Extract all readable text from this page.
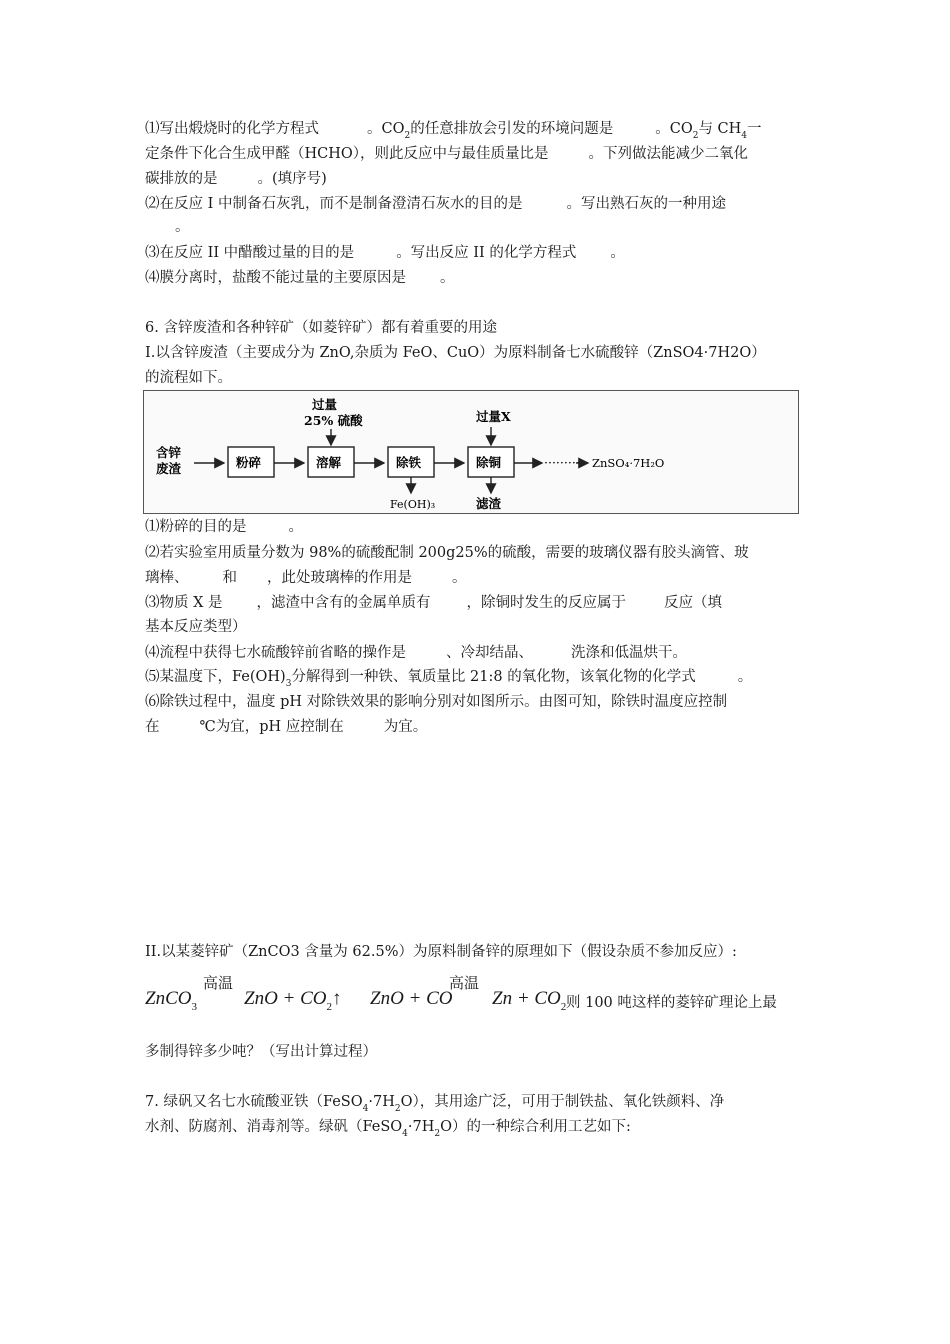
⑴写出煅烧时的化学方程式	。$CO_2$的任意排放会引发的环境问题是	。$CO_2$与 $CH_4$一
定条件下化合生成甲醛（HCHO），则此反应中与最佳质量比是	。下列做法能减少二氧化
碳排放的是	。(填序号)
⑵在反应 I 中制备石灰乳，而不是制备澄清石灰水的目的是	。写出熟石灰的一种用途
。
⑶在反应 II 中醋酸过量的目的是	。写出反应 II 的化学方程式 。
⑷膜分离时，盐酸不能过量的主要原因是 。
6. 含锌废渣和各种锌矿（如菱锌矿）都有着重要的用途
I.以含锌废渣（主要成分为 ZnO,杂质为 FeO、CuO）为原料制备七水硫酸锌（ZnSO4·7H2O）
的流程如下。
含锌
废渣	粉碎	溶解
过量
25% 硫酸
除铁
Fe(OH)₃
除铜
过量X
滤渣
········· ZnSO₄·7H₂O
⑴粉碎的目的是	。
⑵若实验室用质量分数为 98%的硫酸配制 200g25%的硫酸，需要的玻璃仪器有胶头滴管、玻
璃棒、 和 ，此处玻璃棒的作用是	。
⑶物质 X 是 ，滤渣中含有的金属单质有 ，除铜时发生的反应属于	反应（填
基本反应类型）
⑷流程中获得七水硫酸锌前省略的操作是	、冷却结晶、	洗涤和低温烘干。
⑸某温度下，$Fe(OH)_3$分解得到一种铁、氧质量比 21:8 的氧化物，该氧化物的化学式	。
⑹除铁过程中，温度 pH 对除铁效果的影响分别对如图所示。由图可知，除铁时温度应控制
在	℃为宜，pH 应控制在	为宜。
II.以某菱锌矿（ZnCO3 含量为 62.5%）为原料制备锌的原理如下（假设杂质不参加反应）:
ZnCO$_3$
高温
ZnO + $CO_2↑$ ZnO + CO
高温
$Zn + CO_2$ 则 100 吨这样的菱锌矿理论上最
多制得锌多少吨？（写出计算过程）
7. 绿矾又名七水硫酸亚铁$(FeSO_4\cdot 7H_2O)$，其用途广泛，可用于制铁盐、氧化铁颜料、净
水剂、防腐剂、消毒剂等。绿矾$(FeSO_4\cdot 7H_2O)$的一种综合利用工艺如下:
